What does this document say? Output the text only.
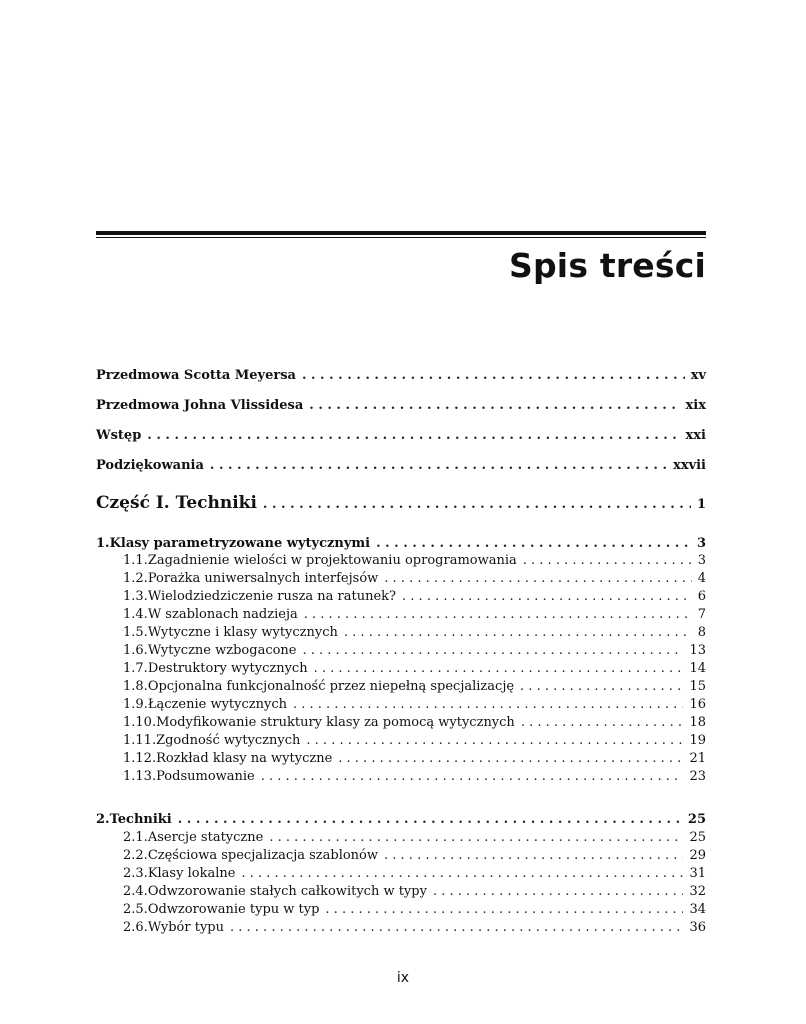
Spis treści
Przedmowa Scotta Meyersa . . .	xv
Przedmowa Johna Vlissidesa . . .	xix
Wstęp . . .	xxi
Podziękowania . . .	xxvii
Część I. Techniki . . .	1
1. Klasy parametryzowane wytycznymi . . .	3
1.1. Zagadnienie wielości w projektowaniu oprogramowania . . .	3
1.2. Porażka uniwersalnych interfejsów . . .	4
1.3. Wielodziedziczenie rusza na ratunek? . . .	6
1.4. W szablonach nadzieja . . .	7
1.5. Wytyczne i klasy wytycznych . . .	8
1.6. Wytyczne wzbogacone . . .	13
1.7. Destruktory wytycznych . . .	14
1.8. Opcjonalna funkcjonalność przez niepełną specjalizację . . .	15
1.9. Łączenie wytycznych . . .	16
1.10. Modyfikowanie struktury klasy za pomocą wytycznych . . .	18
1.11. Zgodność wytycznych . . .	19
1.12. Rozkład klasy na wytyczne . . .	21
1.13. Podsumowanie . . .	23
2. Techniki . . .	25
2.1. Asercje statyczne . . .	25
2.2. Częściowa specjalizacja szablonów . . .	29
2.3. Klasy lokalne . . .	31
2.4. Odwzorowanie stałych całkowitych w typy . . .	32
2.5. Odwzorowanie typu w typ . . .	34
2.6. Wybór typu . . .	36
ix
